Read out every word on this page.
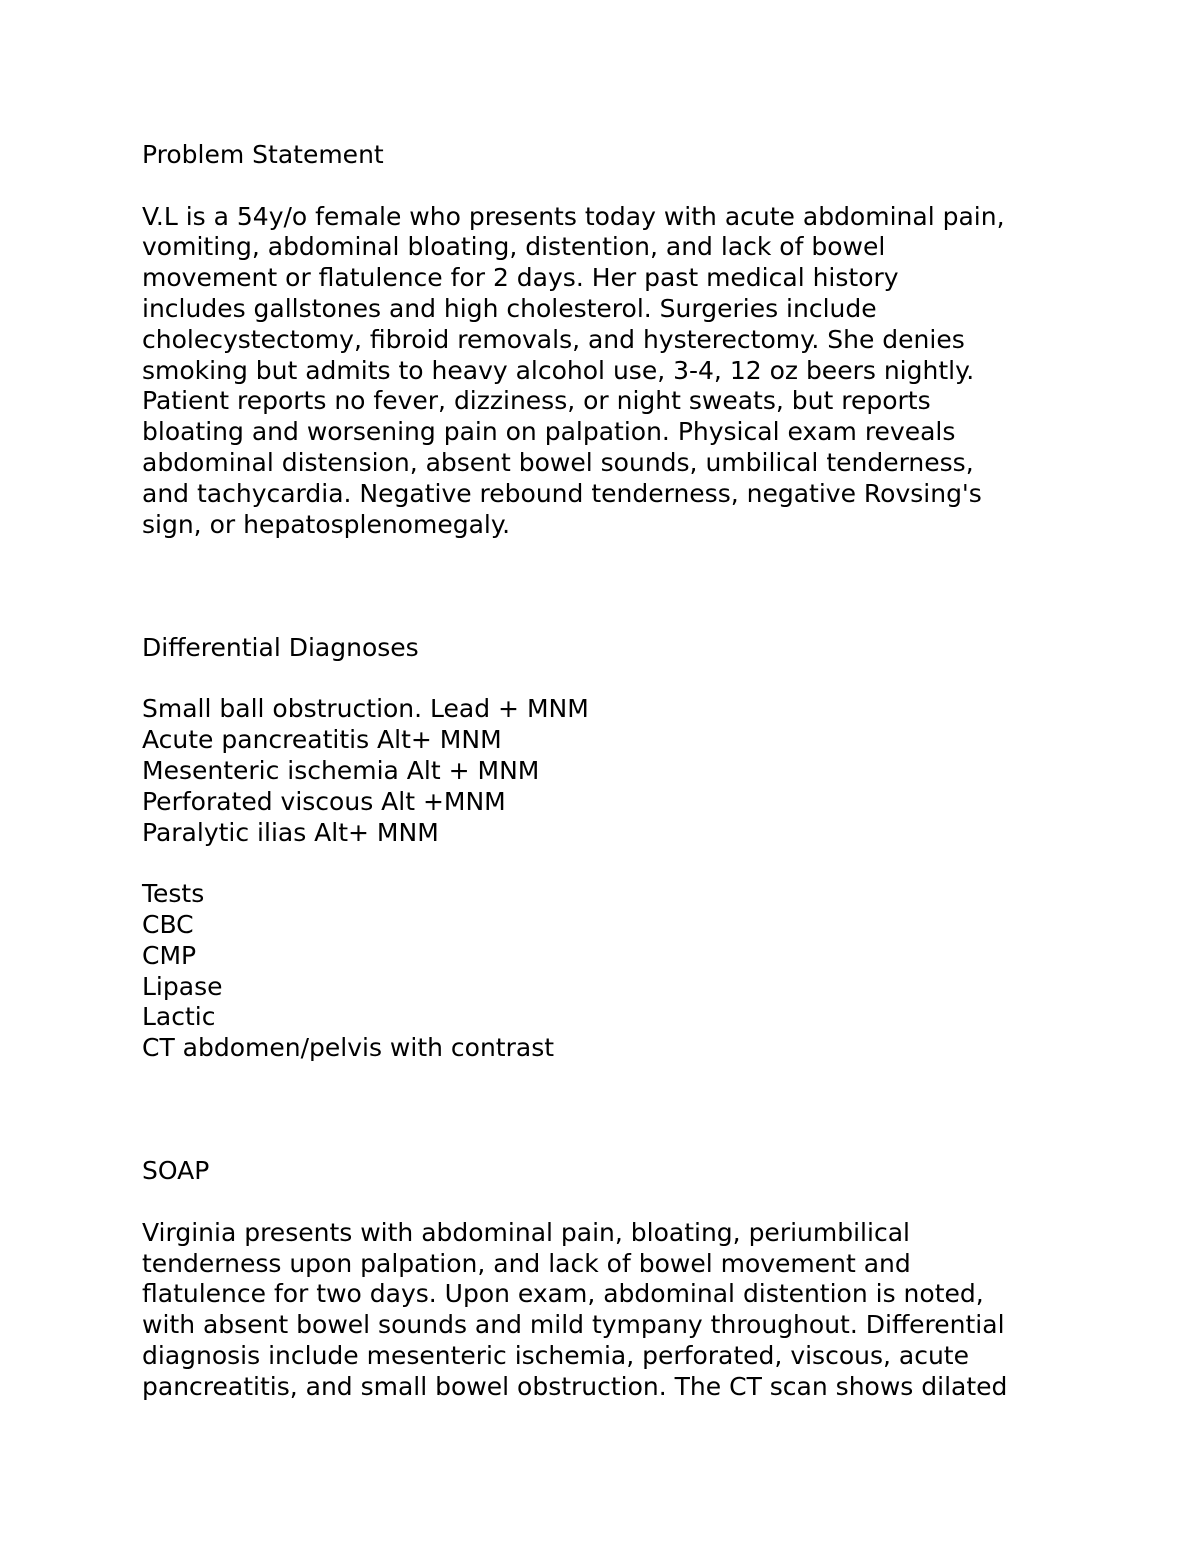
Problem Statement

V.L is a 54y/o female who presents today with acute abdominal pain,

vomiting, abdominal bloating, distention, and lack of bowel

movement or flatulence for 2 days. Her past medical history

includes gallstones and high cholesterol. Surgeries include

cholecystectomy, fibroid removals, and hysterectomy. She denies

smoking but admits to heavy alcohol use, 3-4, 12 oz beers nightly.

Patient reports no fever, dizziness, or night sweats, but reports

bloating and worsening pain on palpation. Physical exam reveals

abdominal distension, absent bowel sounds, umbilical tenderness,

and tachycardia. Negative rebound tenderness, negative Rovsing's

sign, or hepatosplenomegaly.

Differential Diagnoses

Small ball obstruction. Lead + MNM
Acute pancreatitis Alt+ MNM
Mesenteric ischemia Alt + MNM
Perforated viscous Alt +MNM
Paralytic ilias Alt+ MNM

Tests

CBC
CMP
Lipase
Lactic
CT abdomen/pelvis with contrast

SOAP

Virginia presents with abdominal pain, bloating, periumbilical

tenderness upon palpation, and lack of bowel movement and

flatulence for two days. Upon exam, abdominal distention is noted,

with absent bowel sounds and mild tympany throughout. Differential

diagnosis include mesenteric ischemia, perforated, viscous, acute

pancreatitis, and small bowel obstruction. The CT scan shows dilated
